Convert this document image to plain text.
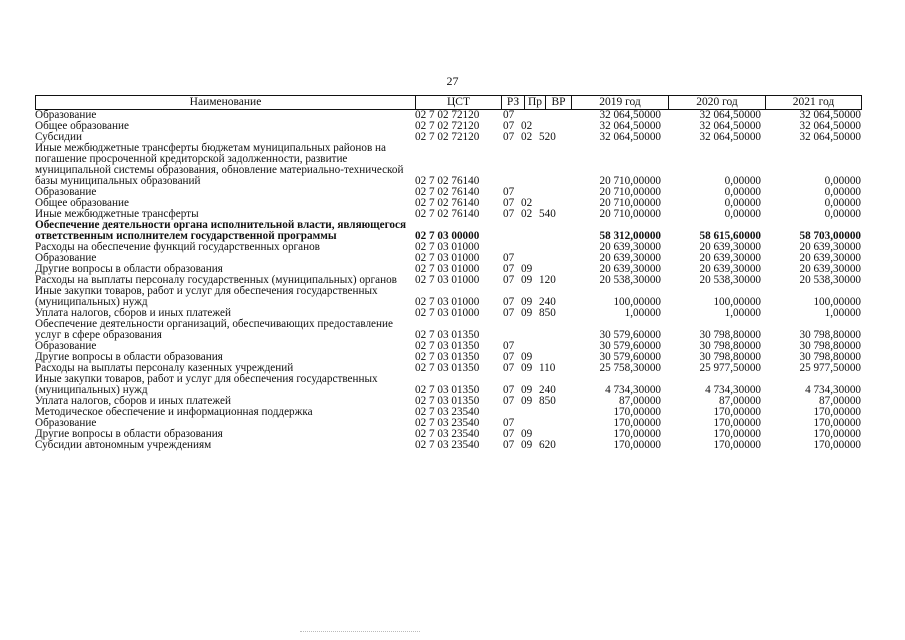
27
Наименование	ЦСТ	РЗ Пр ВР	2019 год	2020 год	2021 год
Образование	02 7 02 72120	07	32 064,50000	32 064,50000	32 064,50000
Общее образование	02 7 02 72120	07 02	32 064,50000	32 064,50000	32 064,50000
Субсидии	02 7 02 72120	07 02 520	32 064,50000	32 064,50000	32 064,50000
Иные межбюджетные трансферты бюджетам муниципальных районов на погашение просроченной кредиторской задолженности, развитие муниципальной системы образования, обновление материально-технической базы муниципальных образований	02 7 02 76140	20 710,00000	0,00000	0,00000
Образование	02 7 02 76140	07	20 710,00000	0,00000	0,00000
Общее образование	02 7 02 76140	07 02	20 710,00000	0,00000	0,00000
Иные межбюджетные трансферты	02 7 02 76140	07 02 540	20 710,00000	0,00000	0,00000
Обеспечение деятельности органа исполнительной власти, являющегося ответственным исполнителем государственной программы	02 7 03 00000	58 312,00000	58 615,60000	58 703,00000
Расходы на обеспечение функций государственных органов	02 7 03 01000	20 639,30000	20 639,30000	20 639,30000
Образование	02 7 03 01000	07	20 639,30000	20 639,30000	20 639,30000
Другие вопросы в области образования	02 7 03 01000	07 09	20 639,30000	20 639,30000	20 639,30000
Расходы на выплаты персоналу государственных (муниципальных) органов	02 7 03 01000	07 09 120	20 538,30000	20 538,30000	20 538,30000
Иные закупки товаров, работ и услуг для обеспечения государственных (муниципальных) нужд	02 7 03 01000	07 09 240	100,00000	100,00000	100,00000
Уплата налогов, сборов и иных платежей	02 7 03 01000	07 09 850	1,00000	1,00000	1,00000
Обеспечение деятельности организаций, обеспечивающих предоставление услуг в сфере образования	02 7 03 01350	30 579,60000	30 798,80000	30 798,80000
Образование	02 7 03 01350	07	30 579,60000	30 798,80000	30 798,80000
Другие вопросы в области образования	02 7 03 01350	07 09	30 579,60000	30 798,80000	30 798,80000
Расходы на выплаты персоналу казенных учреждений	02 7 03 01350	07 09 110	25 758,30000	25 977,50000	25 977,50000
Иные закупки товаров, работ и услуг для обеспечения государственных (муниципальных) нужд	02 7 03 01350	07 09 240	4 734,30000	4 734,30000	4 734,30000
Уплата налогов, сборов и иных платежей	02 7 03 01350	07 09 850	87,00000	87,00000	87,00000
Методическое обеспечение и информационная поддержка	02 7 03 23540	170,00000	170,00000	170,00000
Образование	02 7 03 23540	07	170,00000	170,00000	170,00000
Другие вопросы в области образования	02 7 03 23540	07 09	170,00000	170,00000	170,00000
Субсидии автономным учреждениям	02 7 03 23540	07 09 620	170,00000	170,00000	170,00000
